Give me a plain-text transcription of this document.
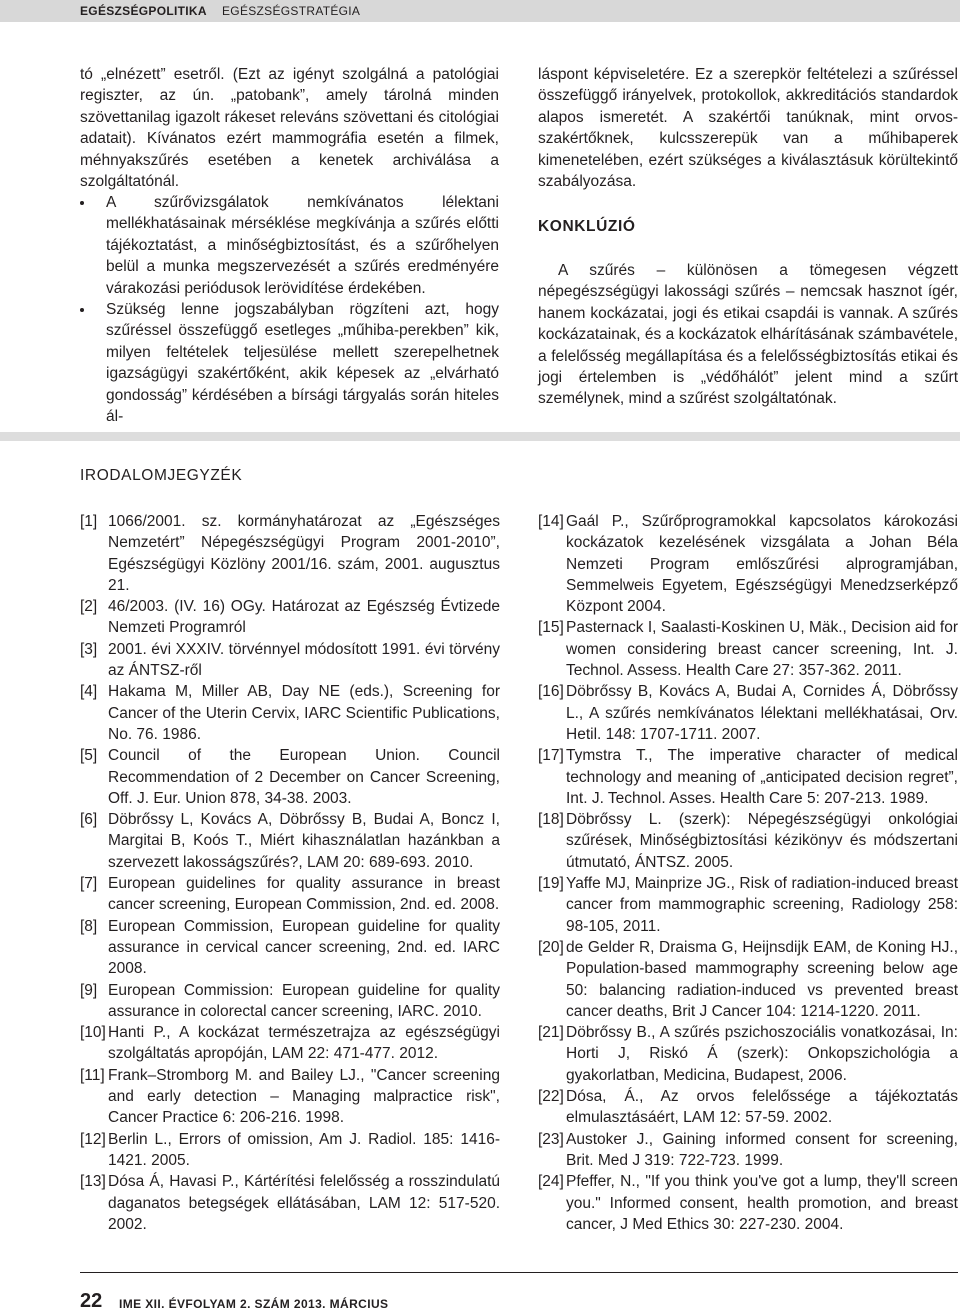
EGÉSZSÉGPOLITIKA EGÉSZSÉGSTRATÉGIA

tó „elnézett” esetről. (Ezt az igényt szolgálná a patológiai regiszter, az ún. „patobank”, amely tárolná minden szövettanilag igazolt rákeset releváns szövettani és citológiai adatait). Kívánatos ezért mammográfia esetén a filmek, méhnyakszűrés esetében a kenetek archiválása a szolgáltatónál.

A szűrővizsgálatok nemkívánatos lélektani mellékhatásainak mérséklése megkívánja a szűrés előtti tájékoztatást, a minőségbiztosítást, és a szűrőhelyen belül a munka megszervezését a szűrés eredményére várakozási periódusok lerövidítése érdekében.

Szükség lenne jogszabályban rögzíteni azt, hogy szűréssel összefüggő esetleges „műhiba-perekben” kik, milyen feltételek teljesülése mellett szerepelhetnek igazságügyi szakértőként, akik képesek az „elvárható gondosság” kérdésében a bírsági tárgyalás során hiteles ál-

láspont képviseletére. Ez a szerepkör feltételezi a szűréssel összefüggő irányelvek, protokollok, akkreditációs standardok alapos ismeretét. A szakértői tanúknak, mint orvos-szakértőknek, kulcsszerepük van a műhibaperek kimenetelében, ezért szükséges a kiválasztásuk körültekintő szabályozása.

KONKLÚZIÓ

A szűrés – különösen a tömegesen végzett népegészségügyi lakossági szűrés – nemcsak hasznot ígér, hanem kockázatai, jogi és etikai csapdái is vannak. A szűrés kockázatainak, és a kockázatok elhárításának számbavétele, a felelősség megállapítása és a felelősségbiztosítás etikai és jogi értelemben is „védőhálót” jelent mind a szűrt személynek, mind a szűrést szolgáltatónak.

IRODALOMJEGYZÉK
[1] 1066/2001. sz. kormányhatározat az „Egészséges Nemzetért” Népegészségügyi Program 2001-2010”, Egészségügyi Közlöny 2001/16. szám, 2001. augusztus 21.
[2] 46/2003. (IV. 16) OGy. Határozat az Egészség Évtizede Nemzeti Programról
[3] 2001. évi XXXIV. törvénnyel módosított 1991. évi törvény az ÁNTSZ-ről
[4] Hakama M, Miller AB, Day NE (eds.), Screening for Cancer of the Uterin Cervix, IARC Scientific Publications, No. 76. 1986.
[5] Council of the European Union. Council Recommendation of 2 December on Cancer Screening, Off. J. Eur. Union 878, 34-38. 2003.
[6] Döbrőssy L, Kovács A, Döbrőssy B, Budai A, Boncz I, Margitai B, Koós T., Miért kihasználatlan hazánkban a szervezett lakosságszűrés?, LAM 20: 689-693. 2010.
[7] European guidelines for quality assurance in breast cancer screening, European Commission, 2nd. ed. 2008.
[8] European Commission, European guideline for quality assurance in cervical cancer screening, 2nd. ed. IARC 2008.
[9] European Commission: European guideline for quality assurance in colorectal cancer screening, IARC. 2010.
[10] Hanti P., A kockázat természetrajza az egészségügyi szolgáltatás apropóján, LAM 22: 471-477. 2012.
[11] Frank–Stromborg M. and Bailey LJ., "Cancer screening and early detection – Managing malpractice risk", Cancer Practice 6: 206-216. 1998.
[12] Berlin L., Errors of omission, Am J. Radiol. 185: 1416-1421. 2005.
[13] Dósa Á, Havasi P., Kártérítési felelősség a rosszindulatú daganatos betegségek ellátásában, LAM 12: 517-520. 2002.
[14] Gaál P., Szűrőprogramokkal kapcsolatos károkozási kockázatok kezelésének vizsgálata a Johan Béla Nemzeti Program emlőszűrési alprogramjában, Semmelweis Egyetem, Egészségügyi Menedzserképző Központ 2004.
[15] Pasternack I, Saalasti-Koskinen U, Mäk., Decision aid for women considering breast cancer screening, Int. J. Technol. Assess. Health Care 27: 357-362. 2011.
[16] Döbrőssy B, Kovács A, Budai A, Cornides Á, Döbrőssy L., A szűrés nemkívánatos lélektani mellékhatásai, Orv. Hetil. 148: 1707-1711. 2007.
[17] Tymstra T., The imperative character of medical technology and meaning of „anticipated decision regret”, Int. J. Technol. Asses. Health Care 5: 207-213. 1989.
[18] Döbrőssy L. (szerk): Népegészségügyi onkológiai szűrések, Minőségbiztosítási kézikönyv és módszertani útmutató, ÁNTSZ. 2005.
[19] Yaffe MJ, Mainprize JG., Risk of radiation-induced breast cancer from mammographic screening, Radiology 258: 98-105, 2011.
[20] de Gelder R, Draisma G, Heijnsdijk EAM, de Koning HJ., Population-based mammography screening below age 50: balancing radiation-induced vs prevented breast cancer deaths, Brit J Cancer 104: 1214-1220. 2011.
[21] Döbrőssy B., A szűrés pszichoszociális vonatkozásai, In: Horti J, Riskó Á (szerk): Onkopszichológia a gyakorlatban, Medicina, Budapest, 2006.
[22] Dósa, Á., Az orvos felelőssége a tájékoztatás elmulasztásáért, LAM 12: 57-59. 2002.
[23] Austoker J., Gaining informed consent for screening, Brit. Med J 319: 722-723. 1999.
[24] Pfeffer, N., "If you think you've got a lump, they'll screen you." Informed consent, health promotion, and breast cancer, J Med Ethics 30: 227-230. 2004.
22 IME XII. ÉVFOLYAM 2. SZÁM 2013. MÁRCIUS
